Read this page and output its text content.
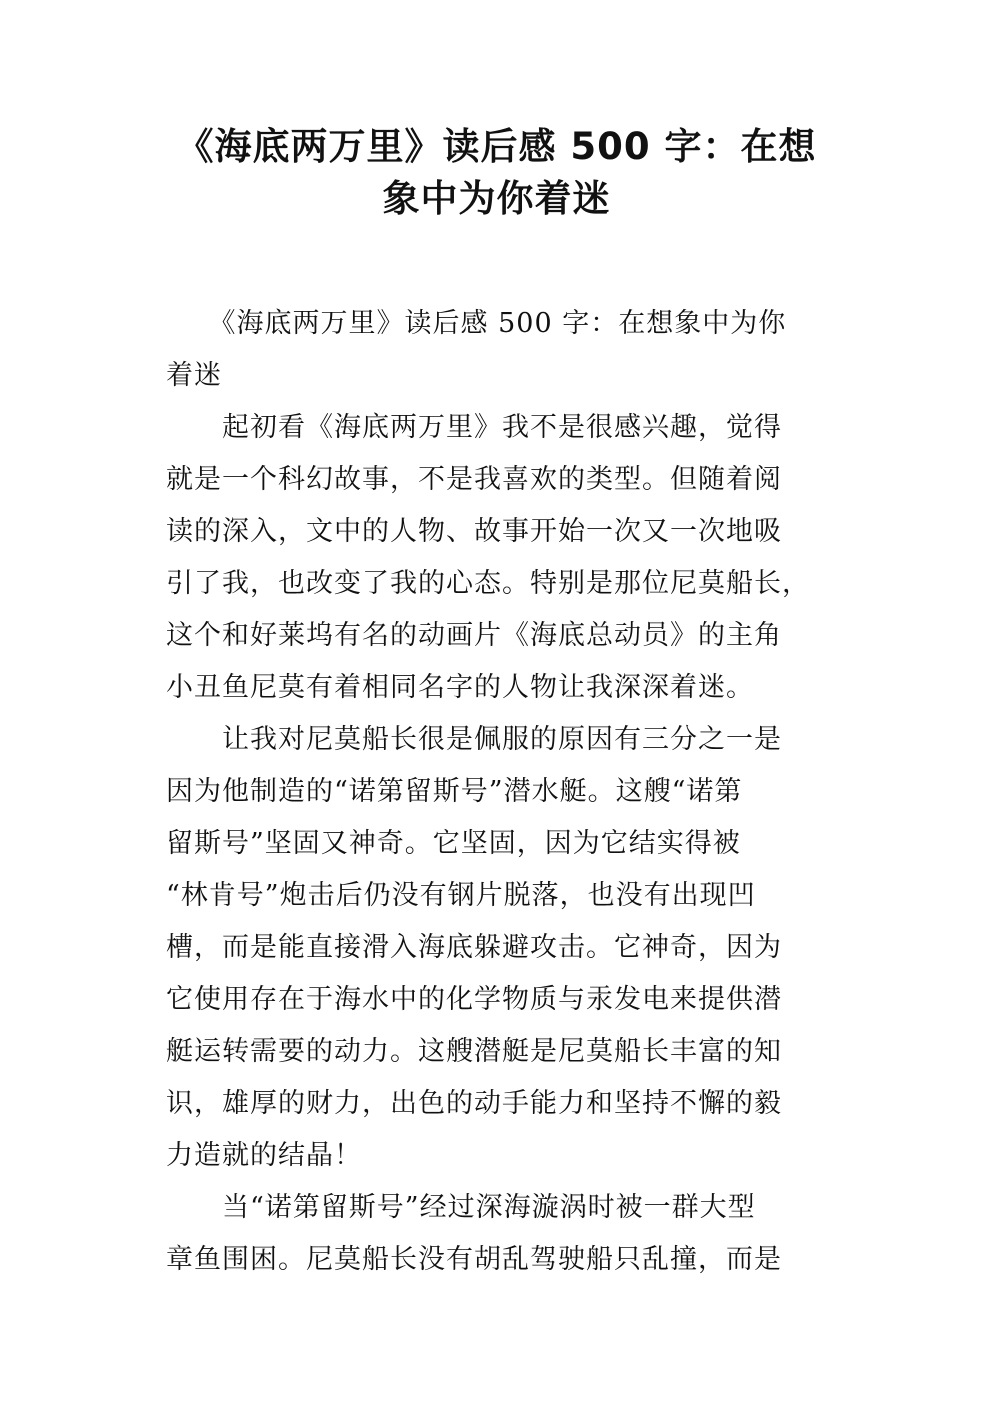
《海底两万里》读后感 500 字：在想
象中为你着迷
　　《海底两万里》读后感 500 字：在想象中为你
着迷
　　起初看《海底两万里》我不是很感兴趣，觉得
就是一个科幻故事，不是我喜欢的类型。但随着阅
读的深入，文中的人物、故事开始一次又一次地吸
引了我，也改变了我的心态。特别是那位尼莫船长，
这个和好莱坞有名的动画片《海底总动员》的主角
小丑鱼尼莫有着相同名字的人物让我深深着迷。
　　让我对尼莫船长很是佩服的原因有三分之一是
因为他制造的“诺第留斯号”潜水艇。这艘“诺第
留斯号”坚固又神奇。它坚固，因为它结实得被
“林肯号”炮击后仍没有钢片脱落，也没有出现凹
槽，而是能直接滑入海底躲避攻击。它神奇，因为
它使用存在于海水中的化学物质与汞发电来提供潜
艇运转需要的动力。这艘潜艇是尼莫船长丰富的知
识，雄厚的财力，出色的动手能力和坚持不懈的毅
力造就的结晶！
　　当“诺第留斯号”经过深海漩涡时被一群大型
章鱼围困。尼莫船长没有胡乱驾驶船只乱撞，而是
